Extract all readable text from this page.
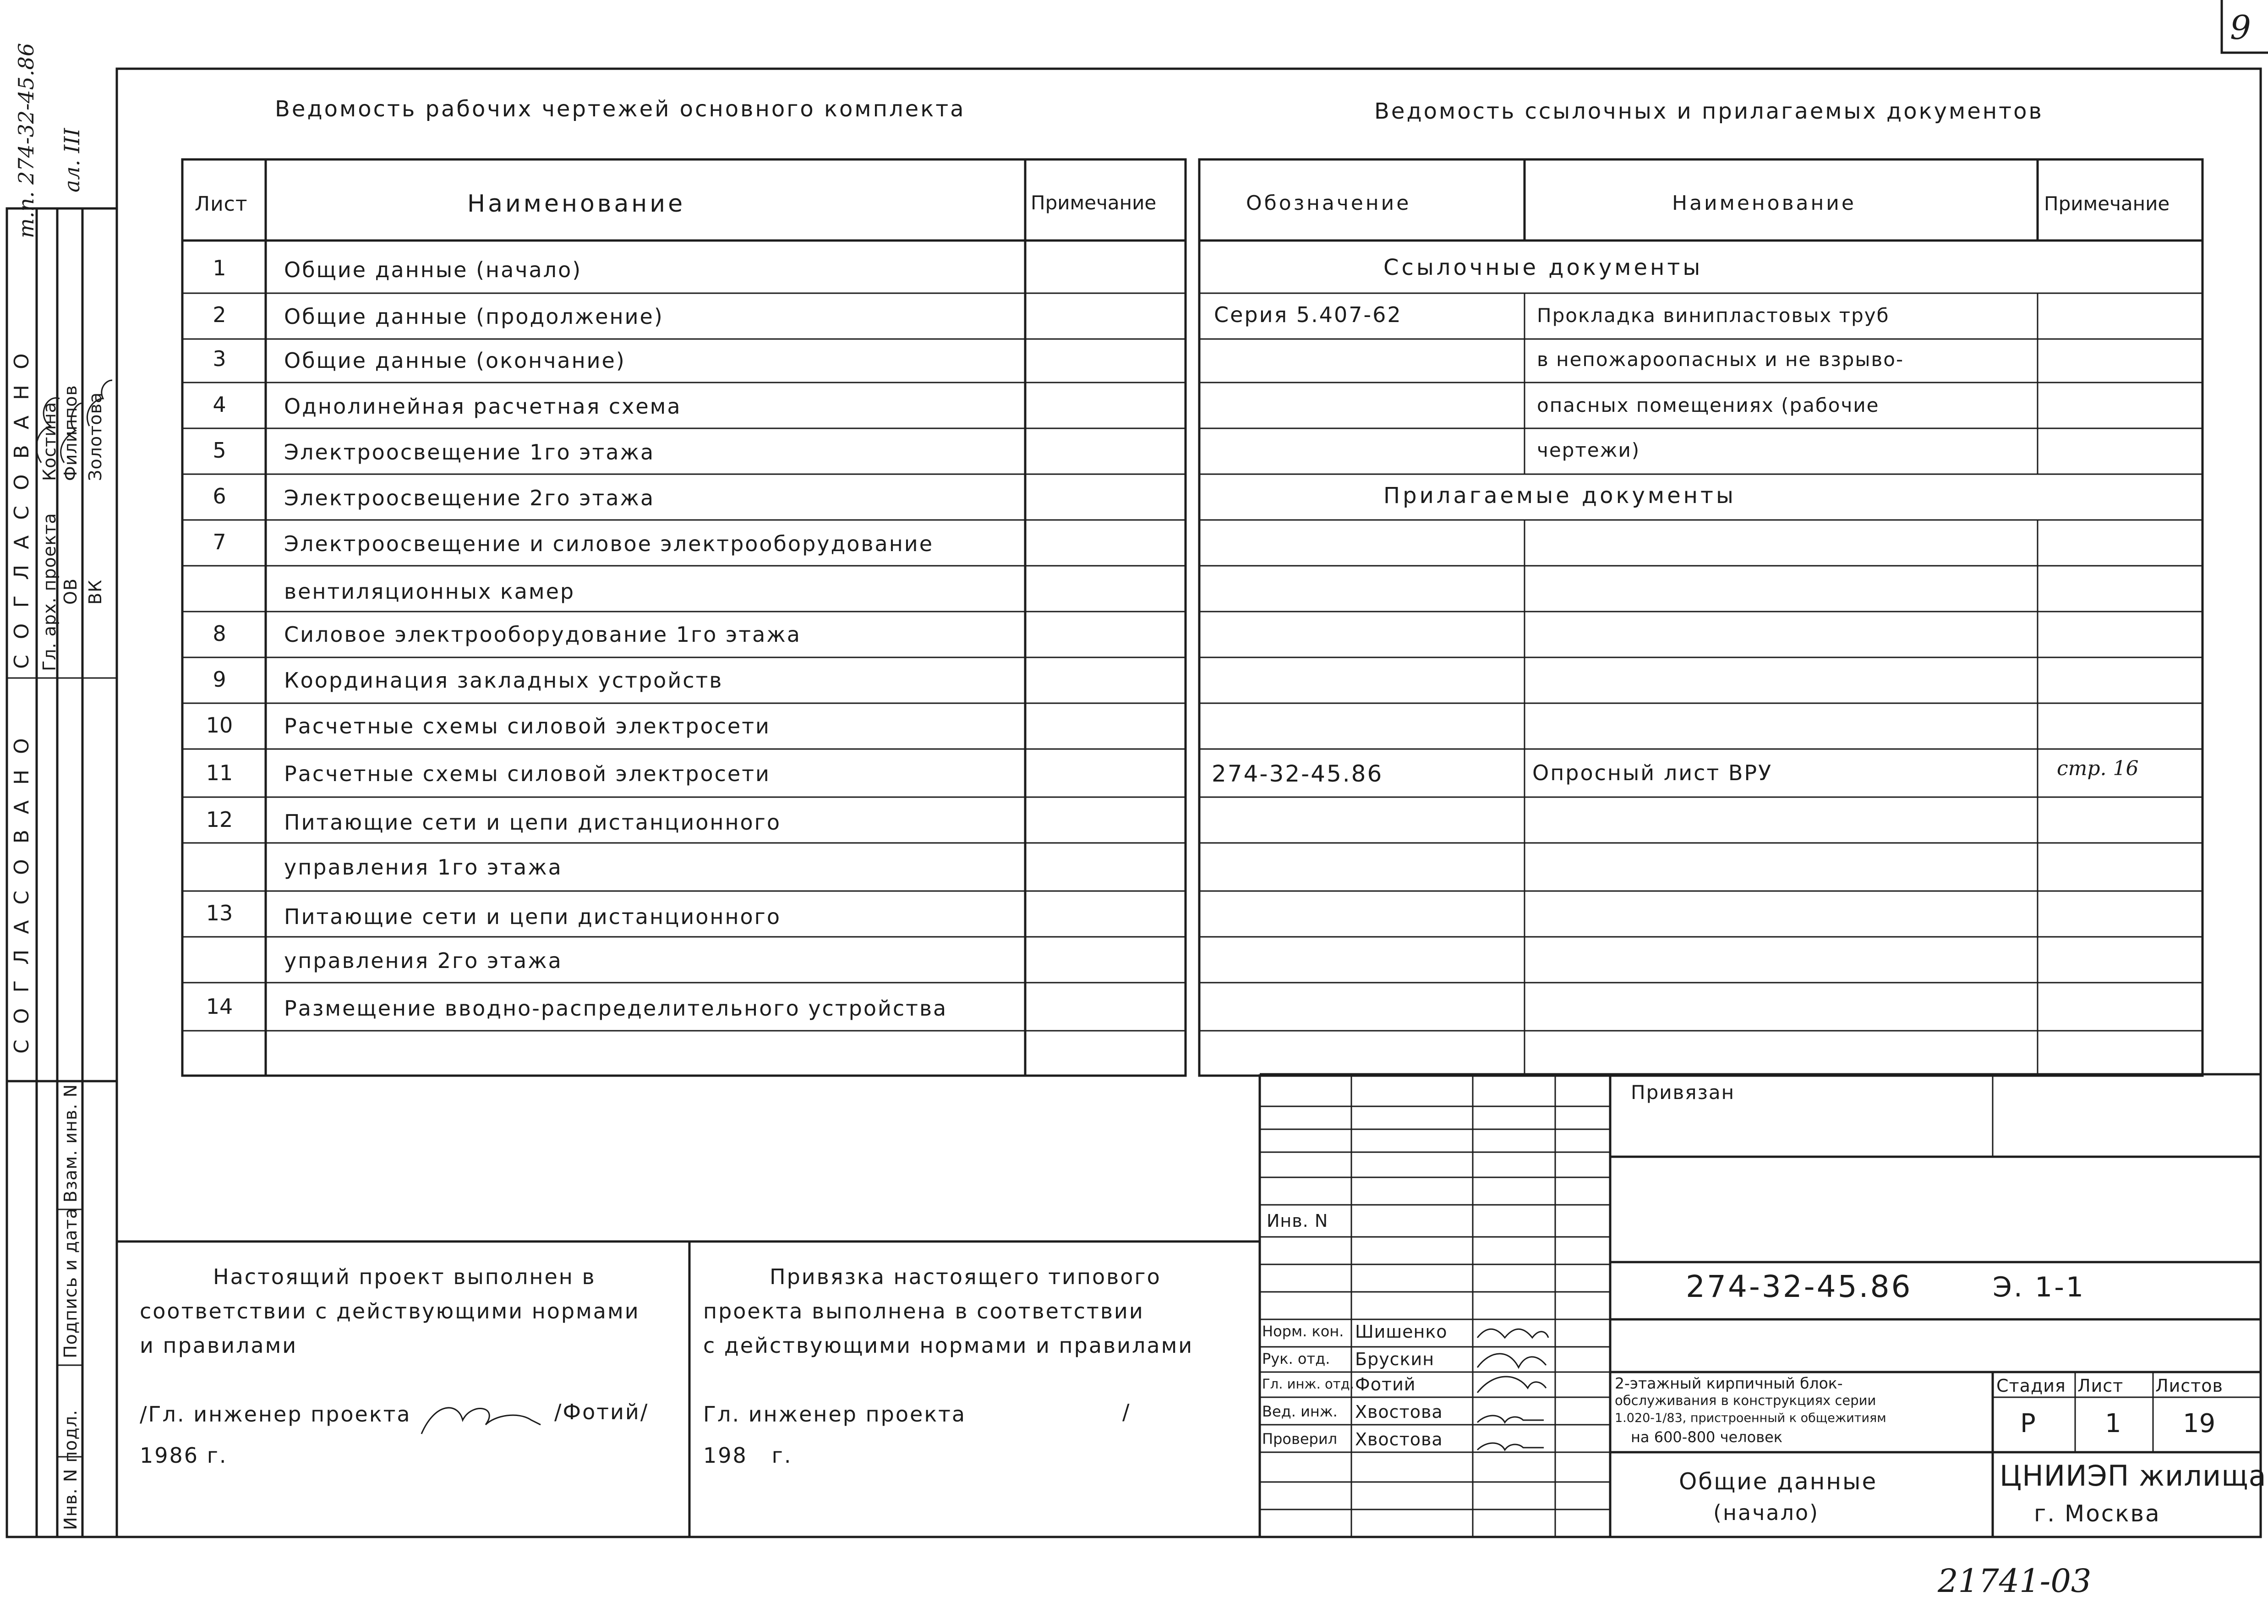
9
т.п. 274-32-45.86 ал. III
С О Г Л А С О В А Н О Гл. арх. проекта
Костина
ОВ
Филиппов
ВК
Золотова
С О Г Л А С О В А Н О
Инв. N подл.
Подпись и дата
Взам. инв. N
Ведомость рабочих чертежей основного комплекта	Ведомость ссылочных и прилагаемых документов
Лист	Наименование	Примечание
1	Общие данные (начало)
2	Общие данные (продолжение)
3	Общие данные (окончание)
4	Однолинейная расчетная схема
5	Электроосвещение 1го этажа
6	Электроосвещение 2го этажа
7	Электроосвещение и силовое электрооборудование
вентиляционных камер
8	Силовое электрооборудование 1го этажа
9	Координация закладных устройств
10	Расчетные схемы силовой электросети
11	Расчетные схемы силовой электросети
12	Питающие сети и цепи дистанционного
управления 1го этажа
13	Питающие сети и цепи дистанционного
управления 2го этажа
14	Размещение вводно-распределительного устройства
Обозначение	Наименование	Примечание
Ссылочные документы
Серия 5.407-62	Прокладка винипластовых труб
в непожароопасных и не взрыво-
опасных помещениях (рабочие
чертежи)
Прилагаемые документы
274-32-45.86	Опросный лист ВРУ	стр. 16
Настоящий проект выполнен в
соответствии с действующими нормами
и правилами
/Гл. инженер проекта	/Фотий/
1986 г.
Привязка настоящего типового
проекта выполнена в соответствии
с действующими нормами и правилами
Гл. инженер проекта	/
198   г.
Привязан
Инв. N
Норм. кон. Шишенко
Рук. отд. Брускин
Гл. инж. отд. Фотий
Вед. инж. Хвостова
Проверил Хвостова
274-32-45.86	Э. 1-1
2-этажный кирпичный блок-
обслуживания в конструкциях серии
1.020-1/83, пристроенный к общежитиям
на 600-800 человек
Стадия Лист Листов
Р	1 19
Общие данные
(начало)
ЦНИИЭП жилища
г. Москва
21741-03
